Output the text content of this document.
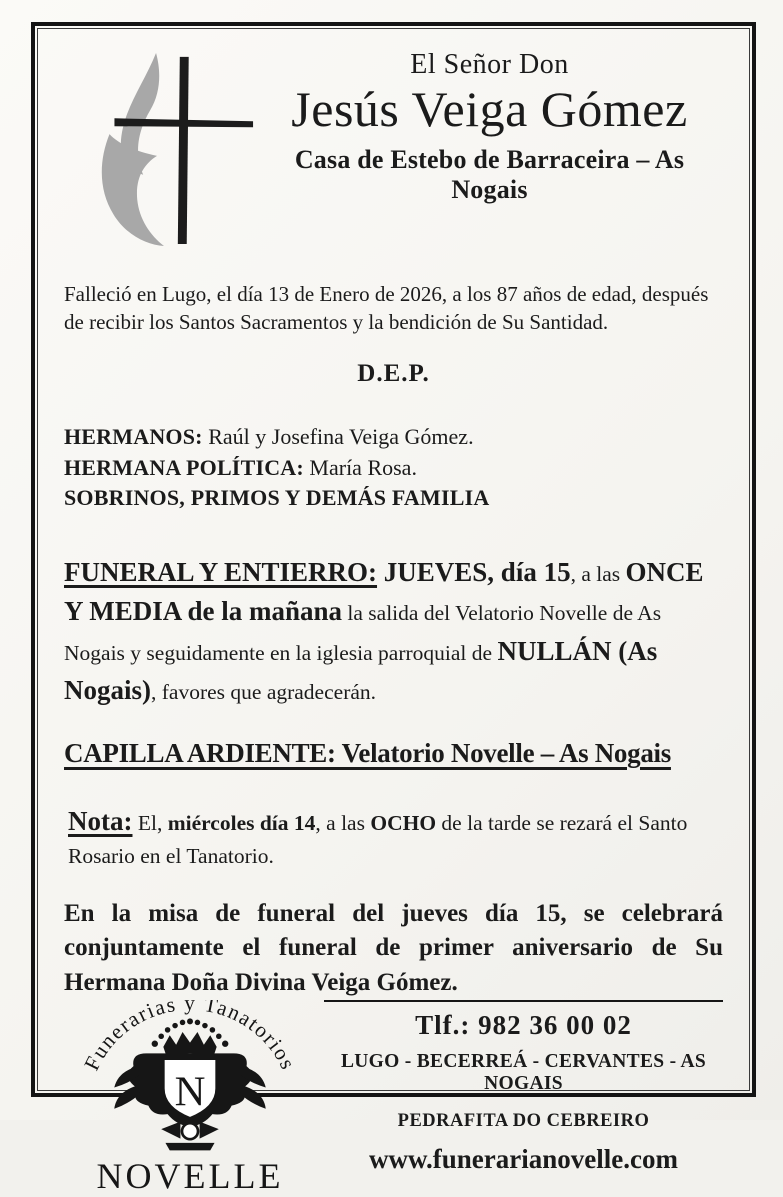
El Señor Don
Jesús Veiga Gómez
Casa de Estebo de Barraceira – As Nogais

Falleció en Lugo, el día 13 de Enero de 2026, a los 87 años de edad, después de recibir los Santos Sacramentos y la bendición de Su Santidad.

D.E.P.
HERMANOS: Raúl y Josefina Veiga Gómez.
HERMANA POLÍTICA: María Rosa.
SOBRINOS, PRIMOS Y DEMÁS FAMILIA

FUNERAL Y ENTIERRO: JUEVES, día 15, a las ONCE Y MEDIA de la mañana la salida del Velatorio Novelle de As Nogais y seguidamente en la iglesia parroquial de NULLÁN (As Nogais), favores que agradecerán.

CAPILLA ARDIENTE: Velatorio Novelle – As Nogais

Nota: El, miércoles día 14, a las OCHO de la tarde se rezará el Santo Rosario en el Tanatorio.

En la misa de funeral del jueves día 15, se celebrará conjuntamente el funeral de primer aniversario de Su Hermana Doña Divina Veiga Gómez.

Funerarias y Tanatorios
N
NOVELLE
Tlf.: 982 36 00 02
LUGO - BECERREÁ - CERVANTES - AS NOGAIS
PEDRAFITA DO CEBREIRO
www.funerarianovelle.com
